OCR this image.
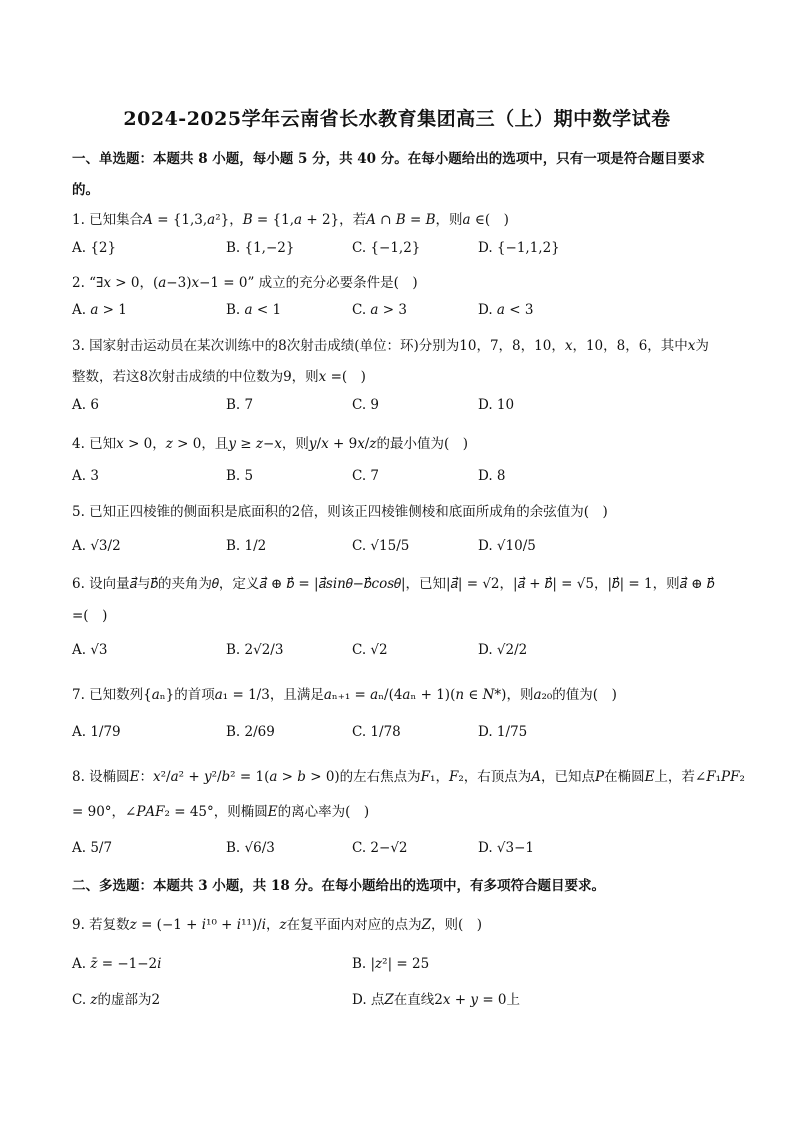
2024-2025学年云南省长水教育集团高三（上）期中数学试卷
一、单选题：本题共 8 小题，每小题 5 分，共 40 分。在每小题给出的选项中，只有一项是符合题目要求
的。
1. 已知集合𝐴 = {1,3,𝑎²}，𝐵 = {1,𝑎 + 2}，若𝐴 ∩ 𝐵 = 𝐵，则𝑎 ∈(　)
A. {2}	B. {1,−2}	C. {−1,2}	D. {−1,1,2}
2. “∃𝑥 > 0，(𝑎−3)𝑥−1 = 0” 成立的充分必要条件是(　)
A. 𝑎 > 1	B. 𝑎 < 1	C. 𝑎 > 3	D. 𝑎 < 3
3. 国家射击运动员在某次训练中的8次射击成绩(单位：环)分别为10，7，8，10，𝑥，10，8，6，其中𝑥为
整数，若这8次射击成绩的中位数为9，则𝑥 =(　)
A. 6	B. 7	C. 9	D. 10
4. 已知𝑥 > 0，𝑧 > 0，且𝑦 ≥ 𝑧−𝑥，则𝑦/𝑥 + 9𝑥/𝑧的最小值为(　)
A. 3	B. 5	C. 7	D. 8
5. 已知正四棱锥的侧面积是底面积的2倍，则该正四棱锥侧棱和底面所成角的余弦值为(　)
A. √3/2	B. 1/2	C. √15/5	D. √10/5
6. 设向量𝑎⃗与𝑏⃗的夹角为𝜃，定义𝑎⃗ ⊕ 𝑏⃗ = |𝑎⃗𝑠𝑖𝑛𝜃−𝑏⃗𝑐𝑜𝑠𝜃|，已知|𝑎⃗| = √2，|𝑎⃗ + 𝑏⃗| = √5，|𝑏⃗| = 1，则𝑎⃗ ⊕ 𝑏⃗
=(　)
A. √3	B. 2√2/3	C. √2	D. √2/2
7. 已知数列{𝑎ₙ}的首项𝑎₁ = 1/3，且满足𝑎ₙ₊₁ = 𝑎ₙ/(4𝑎ₙ + 1)(𝑛 ∈ 𝑁*)，则𝑎₂₀的值为(　)
A. 1/79	B. 2/69	C. 1/78	D. 1/75
8. 设椭圆𝐸：𝑥²/𝑎² + 𝑦²/𝑏² = 1(𝑎 > 𝑏 > 0)的左右焦点为𝐹₁，𝐹₂，右顶点为𝐴，已知点𝑃在椭圆𝐸上，若∠𝐹₁𝑃𝐹₂
= 90°，∠𝑃𝐴𝐹₂ = 45°，则椭圆𝐸的离心率为(　)
A. 5/7	B. √6/3	C. 2−√2	D. √3−1
二、多选题：本题共 3 小题，共 18 分。在每小题给出的选项中，有多项符合题目要求。
9. 若复数𝑧 = (−1 + 𝑖¹⁰ + 𝑖¹¹)/𝑖，𝑧在复平面内对应的点为𝑍，则(　)
A. 𝑧̄ = −1−2𝑖	B. |𝑧²| = 25
C. 𝑧的虚部为2	D. 点𝑍在直线2𝑥 + 𝑦 = 0上
